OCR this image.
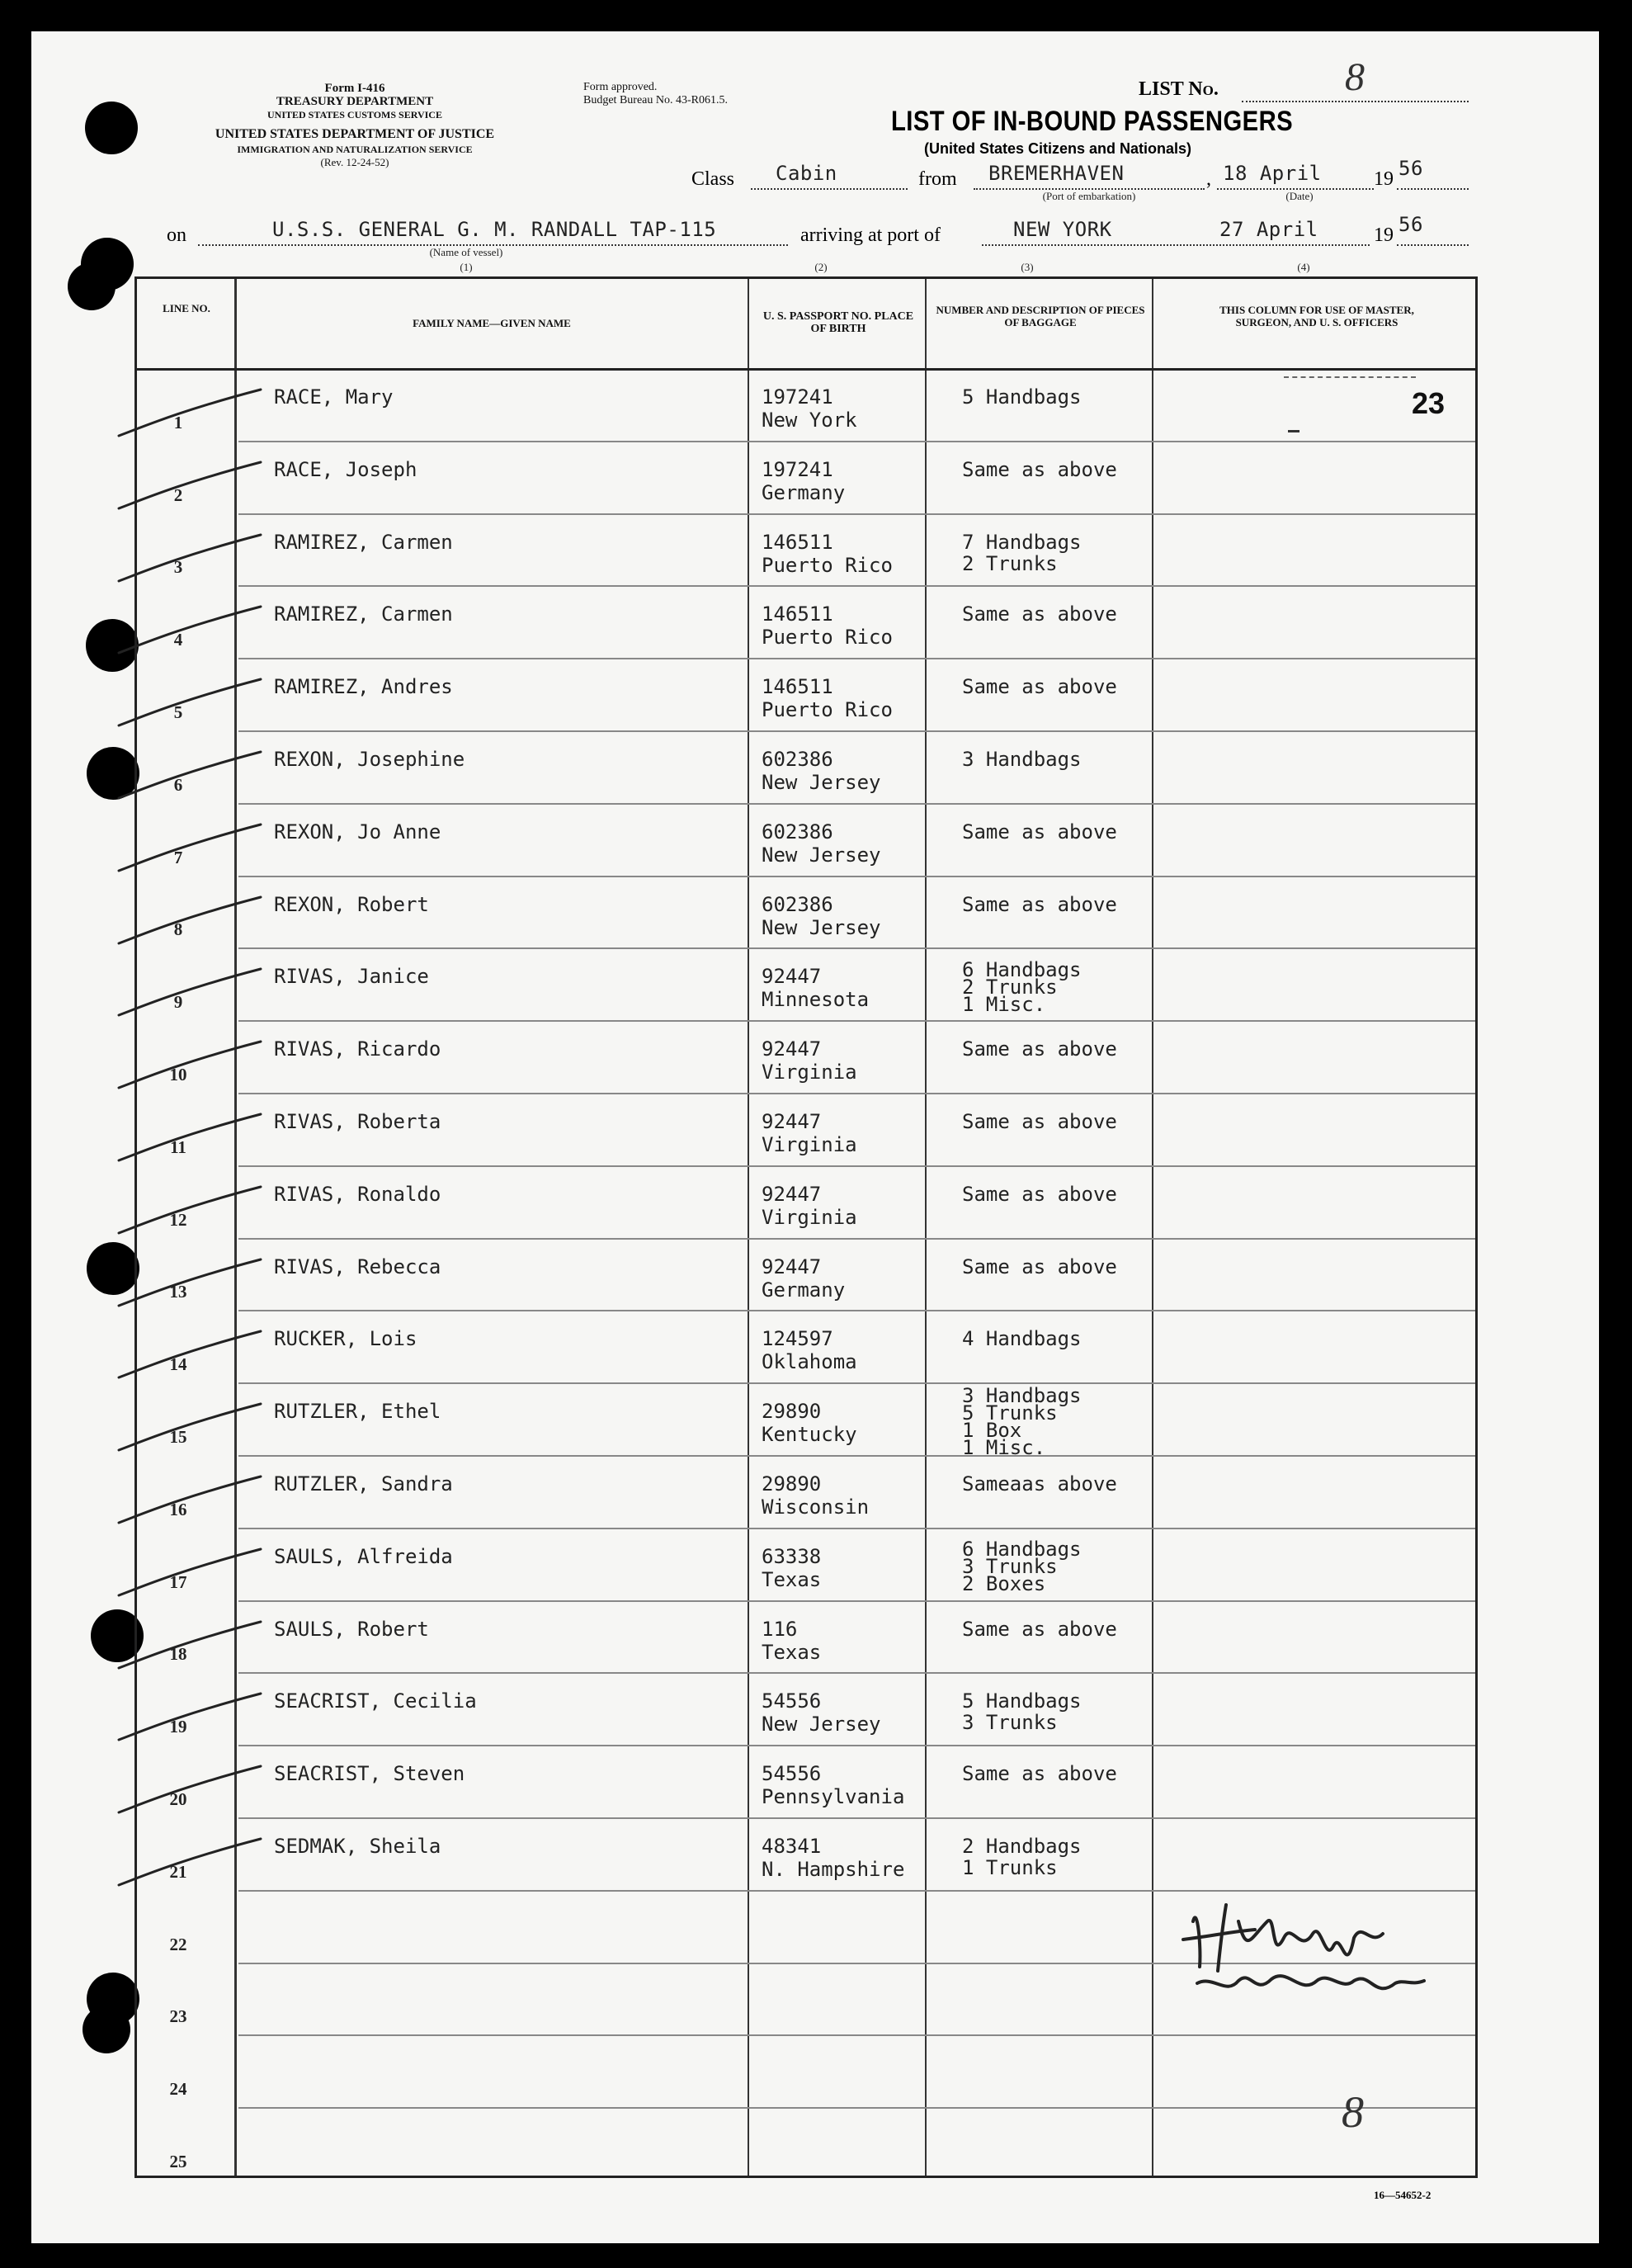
Form I-416
TREASURY DEPARTMENT
UNITED STATES CUSTOMS SERVICE
UNITED STATES DEPARTMENT OF JUSTICE
IMMIGRATION AND NATURALIZATION SERVICE
(Rev. 12-24-52)
Form approved.
Budget Bureau No. 43-R061.5.
LIST No.	8
LIST OF IN-BOUND PASSENGERS
(United States Citizens and Nationals)
Class Cabin	from BREMERHAVEN
(Port of embarkation)
, 18 April
(Date)
19 56
on	U.S.S. GENERAL G. M. RANDALL TAP-115
(Name of vessel)
(1)
arriving at port of
(2)
NEW YORK
(3)
27 April
(4)
19 56
LINE NO.
FAMILY NAME—GIVEN NAME
U. S. PASSPORT NO. PLACE OF BIRTH
NUMBER AND DESCRIPTION OF PIECES OF BAGGAGE
THIS COLUMN FOR USE OF MASTER, SURGEON, AND U. S. OFFICERS
1
RACE, Mary	197241
New York
5 Handbags
2
RACE, Joseph	197241
Germany
Same as above
3
RAMIREZ, Carmen	146511
Puerto Rico
7 Handbags
2 Trunks
4
RAMIREZ, Carmen	146511
Puerto Rico
Same as above
5
RAMIREZ, Andres	146511
Puerto Rico
Same as above
6
REXON, Josephine	602386
New Jersey
3 Handbags
7
REXON, Jo Anne	602386
New Jersey
Same as above
8
REXON, Robert	602386
New Jersey
Same as above
9
RIVAS, Janice	92447
Minnesota
6 Handbags
2 Trunks
1 Misc.
10
RIVAS, Ricardo	92447
Virginia
Same as above
11
RIVAS, Roberta	92447
Virginia
Same as above
12
RIVAS, Ronaldo	92447
Virginia
Same as above
13
RIVAS, Rebecca	92447
Germany
Same as above
14
RUCKER, Lois	124597
Oklahoma
4 Handbags
15
RUTZLER, Ethel	29890
Kentucky
3 Handbags
5 Trunks
1 Box
1 Misc.
16
RUTZLER, Sandra	29890
Wisconsin
Sameaas above
17
SAULS, Alfreida	63338
Texas
6 Handbags
3 Trunks
2 Boxes
18
SAULS, Robert	116
Texas
Same as above
19
SEACRIST, Cecilia	54556
New Jersey
5 Handbags
3 Trunks
20
SEACRIST, Steven	54556
Pennsylvania
Same as above
21
SEDMAK, Sheila	48341
N. Hampshire
2 Handbags
1 Trunks
22
23
24
25
23
8
16—54652-2
